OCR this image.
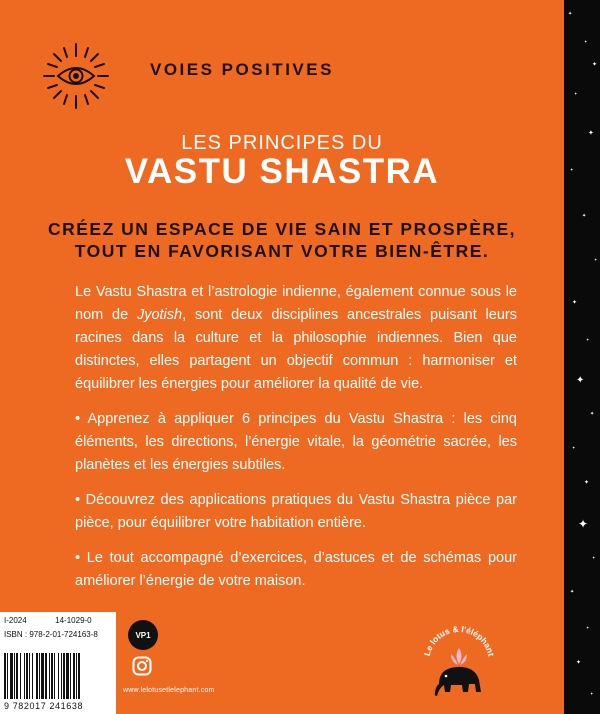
VOIES POSITIVES
LES PRINCIPES DU
VASTU SHASTRA
CRÉEZ UN ESPACE DE VIE SAIN ET PROSPÈRE,
TOUT EN FAVORISANT VOTRE BIEN-ÊTRE.

Le Vastu Shastra et l’astrologie indienne, également connue sous le nom de Jyotish, sont deux disciplines ancestrales puisant leurs racines dans la culture et la philosophie indiennes. Bien que distinctes, elles partagent un objectif commun : harmoniser et équilibrer les énergies pour améliorer la qualité de vie.

• Apprenez à appliquer 6 principes du Vastu Shastra : les cinq éléments, les directions, l’énergie vitale, la géométrie sacrée, les planètes et les énergies subtiles.

• Découvrez des applications pratiques du Vastu Shastra pièce par pièce, pour équilibrer votre habitation entière.

• Le tout accompagné d’exercices, d’astuces et de schémas pour améliorer l’énergie de votre maison.

I-2024	14-1029-0
ISBN : 978-2-01-724163-8
9 782017 241638
VP1
www.lelotusetlelephant.com
Le lotus & l'éléphant
✦
✦
✦
✦
✦
✦
✦
✦
✦
✦
✦
✦
✦
✦
✦
✦
✦
✦
✦
✦
